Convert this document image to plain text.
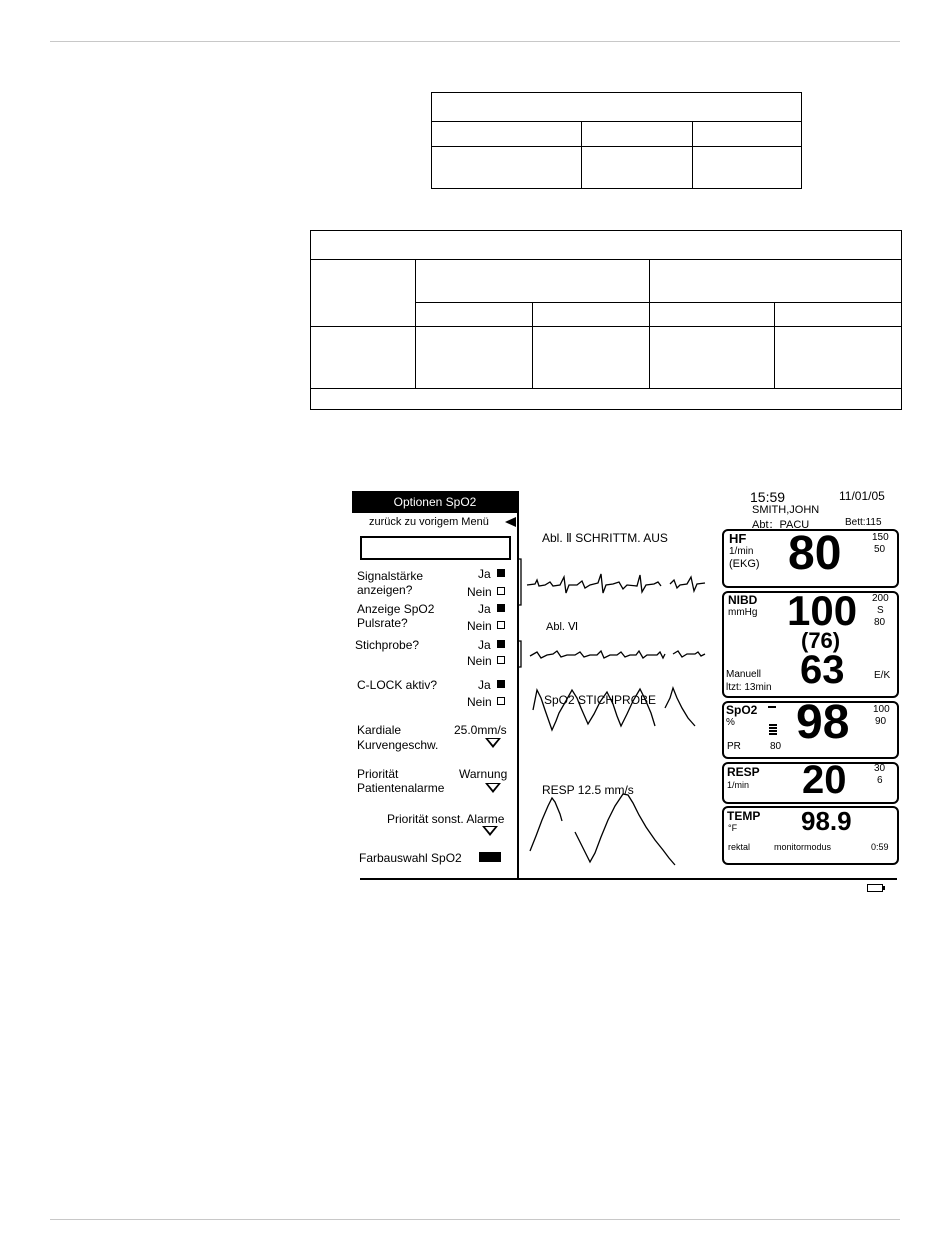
Optionen SpO2
zurück zu vorigem Menü
Signalstärke
anzeigen?
Ja
Nein
Anzeige SpO2
Pulsrate?
Ja
Nein
Stichprobe?	Ja
Nein
C-LOCK aktiv?	Ja
Nein
Kardiale
Kurvengeschw.
25.0mm/s
Priorität
Patientenalarme
Warnung
Priorität sonst. Alarme
Farbauswahl SpO2
Abl. Ⅱ SCHRITTM. AUS
Abl. Ⅵ
SpO2 STICHPROBE
RESP 12.5 mm/s
15:59	11/01/05
SMITH,JOHN
Abt：PACU	Bett:115
HF
1/min
(EKG) 80	150
50
NIBD
mmHg 100 200
S
80
(76)
63
Manuell
ltzt: 13min
E/K
SpO2
% 98 100
90
PR	80
RESP
1/min 20	30
6
TEMP
°F 98.9
rektal	monitormodus	0:59
